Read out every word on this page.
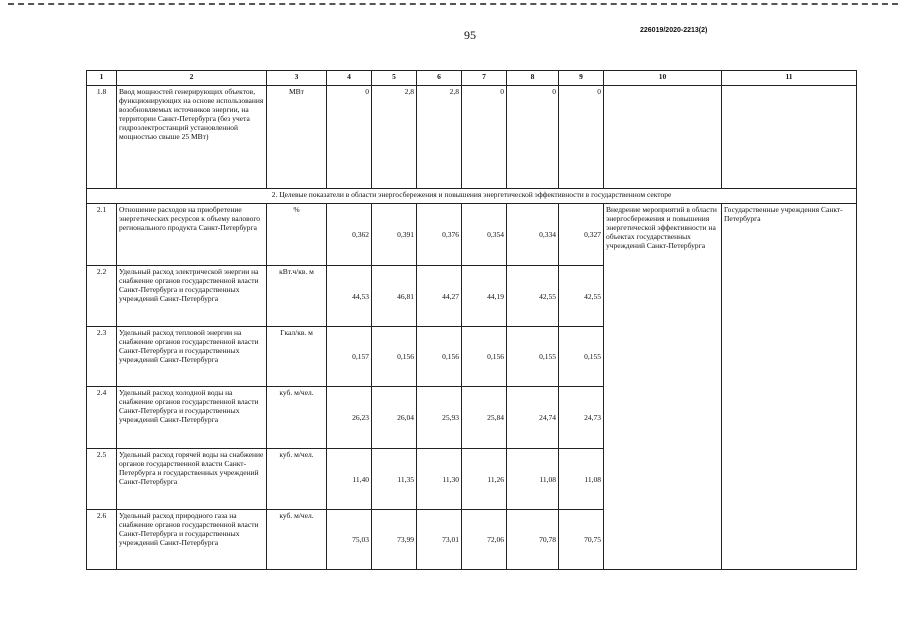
95	226019/2020-2213(2)
1	2	3	4	5	6	7	8	9	10	11
1.8	Ввод мощностей генерирующих объектов, функционирующих на основе использования возобновляемых источников энергии, на территории Санкт-Петербурга (без учета гидроэлектростанций установленной мощностью свыше 25 МВт)	МВт	0	2,8	2,8	0	0	0		
2. Целевые показатели в области энергосбережения и повышения энергетической эффективности в государственном секторе										
2.1	Отношение расходов на приобретение энергетических ресурсов к объему валового регионального продукта Санкт-Петербурга	%	0,362	0,391	0,376	0,354	0,334	0,327	Внедрение мероприятий в области энергосбережения и повышения энергетической эффективности на объектах государственных учреждений Санкт-Петербурга	Государственные учреждения Санкт-Петербурга
2.2	Удельный расход электрической энергии на снабжение органов государственной власти Санкт-Петербурга и государственных учреждений Санкт-Петербурга	кВт.ч/кв. м	44,53	46,81	44,27	44,19	42,55	42,55		
2.3	Удельный расход тепловой энергии на снабжение органов государственной власти Санкт-Петербурга и государственных учреждений Санкт-Петербурга	Гкал/кв. м	0,157	0,156	0,156	0,156	0,155	0,155		
2.4	Удельный расход холодной воды на снабжение органов государственной власти Санкт-Петербурга и государственных учреждений Санкт-Петербурга	куб. м/чел.	26,23	26,04	25,93	25,84	24,74	24,73		
2.5	Удельный расход горячей воды на снабжение органов государственной власти Санкт-Петербурга и государственных учреждений Санкт-Петербурга	куб. м/чел.	11,40	11,35	11,30	11,26	11,08	11,08		
2.6	Удельный расход природного газа на снабжение органов государственной власти Санкт-Петербурга и государственных учреждений Санкт-Петербурга	куб. м/чел.	75,03	73,99	73,01	72,06	70,78	70,75		
